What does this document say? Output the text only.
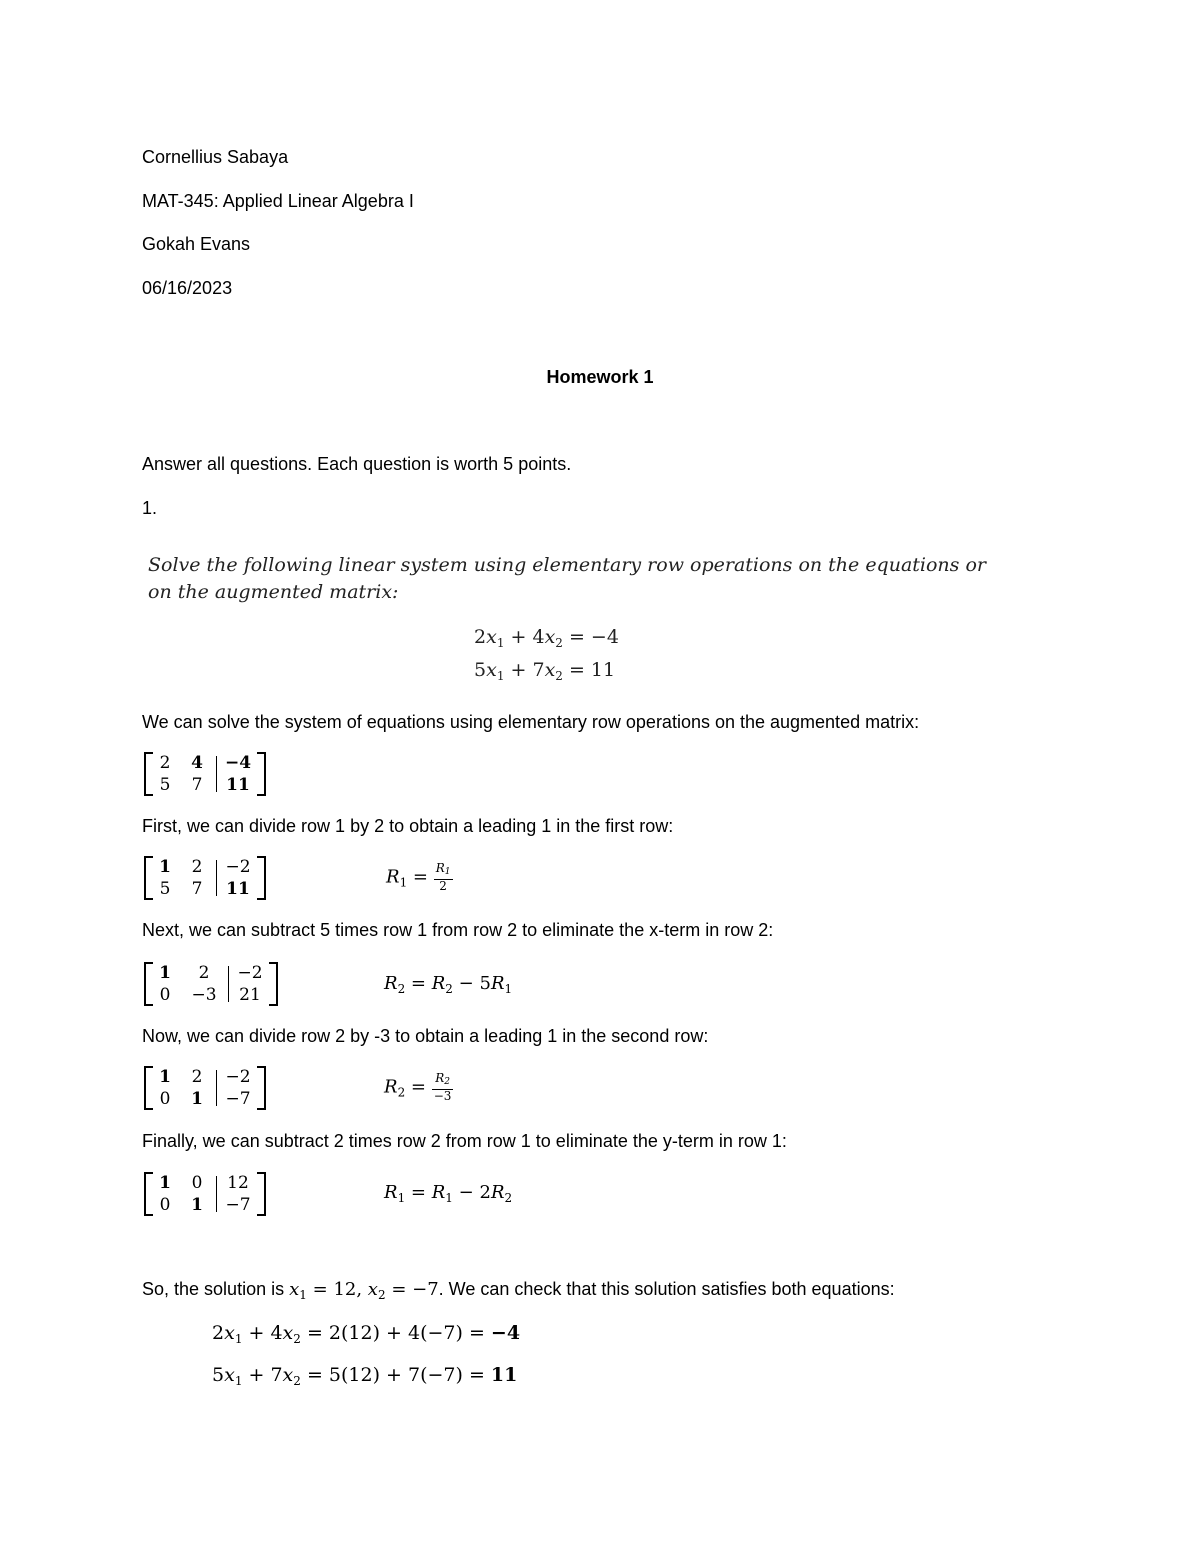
Cornellius Sabaya
MAT-345: Applied Linear Algebra I
Gokah Evans
06/16/2023
Homework 1
Answer all questions. Each question is worth 5 points.
1.
Solve the following linear system using elementary row operations on the equations or
on the augmented matrix:
$2x_1 + 4x_2 = -4$
$5x_1 + 7x_2 = 11$
We can solve the system of equations using elementary row operations on the augmented matrix:
2	4	−4
5	7	11
First, we can divide row 1 by 2 to obtain a leading 1 in the first row:
1	2	−2
5	7	11
$R_1 = \frac{R_1}{2}$
Next, we can subtract 5 times row 1 from row 2 to eliminate the x-term in row 2:
1	2	−2
0	−3	21
$R_2 = R_2 - 5R_1$
Now, we can divide row 2 by -3 to obtain a leading 1 in the second row:
1	2	−2
0	1	−7
$R_2 = \frac{R_2}{-3}$
Finally, we can subtract 2 times row 2 from row 1 to eliminate the y-term in row 1:
1	0	12
0	1	−7
$R_1 = R_1 - 2R_2$
So, the solution is $x_1 = 12$, $x_2 = -7$. We can check that this solution satisfies both equations:
$2x_1 + 4x_2 = 2(12) + 4(-7) = -4$
$5x_1 + 7x_2 = 5(12) + 7(-7) = 11$
